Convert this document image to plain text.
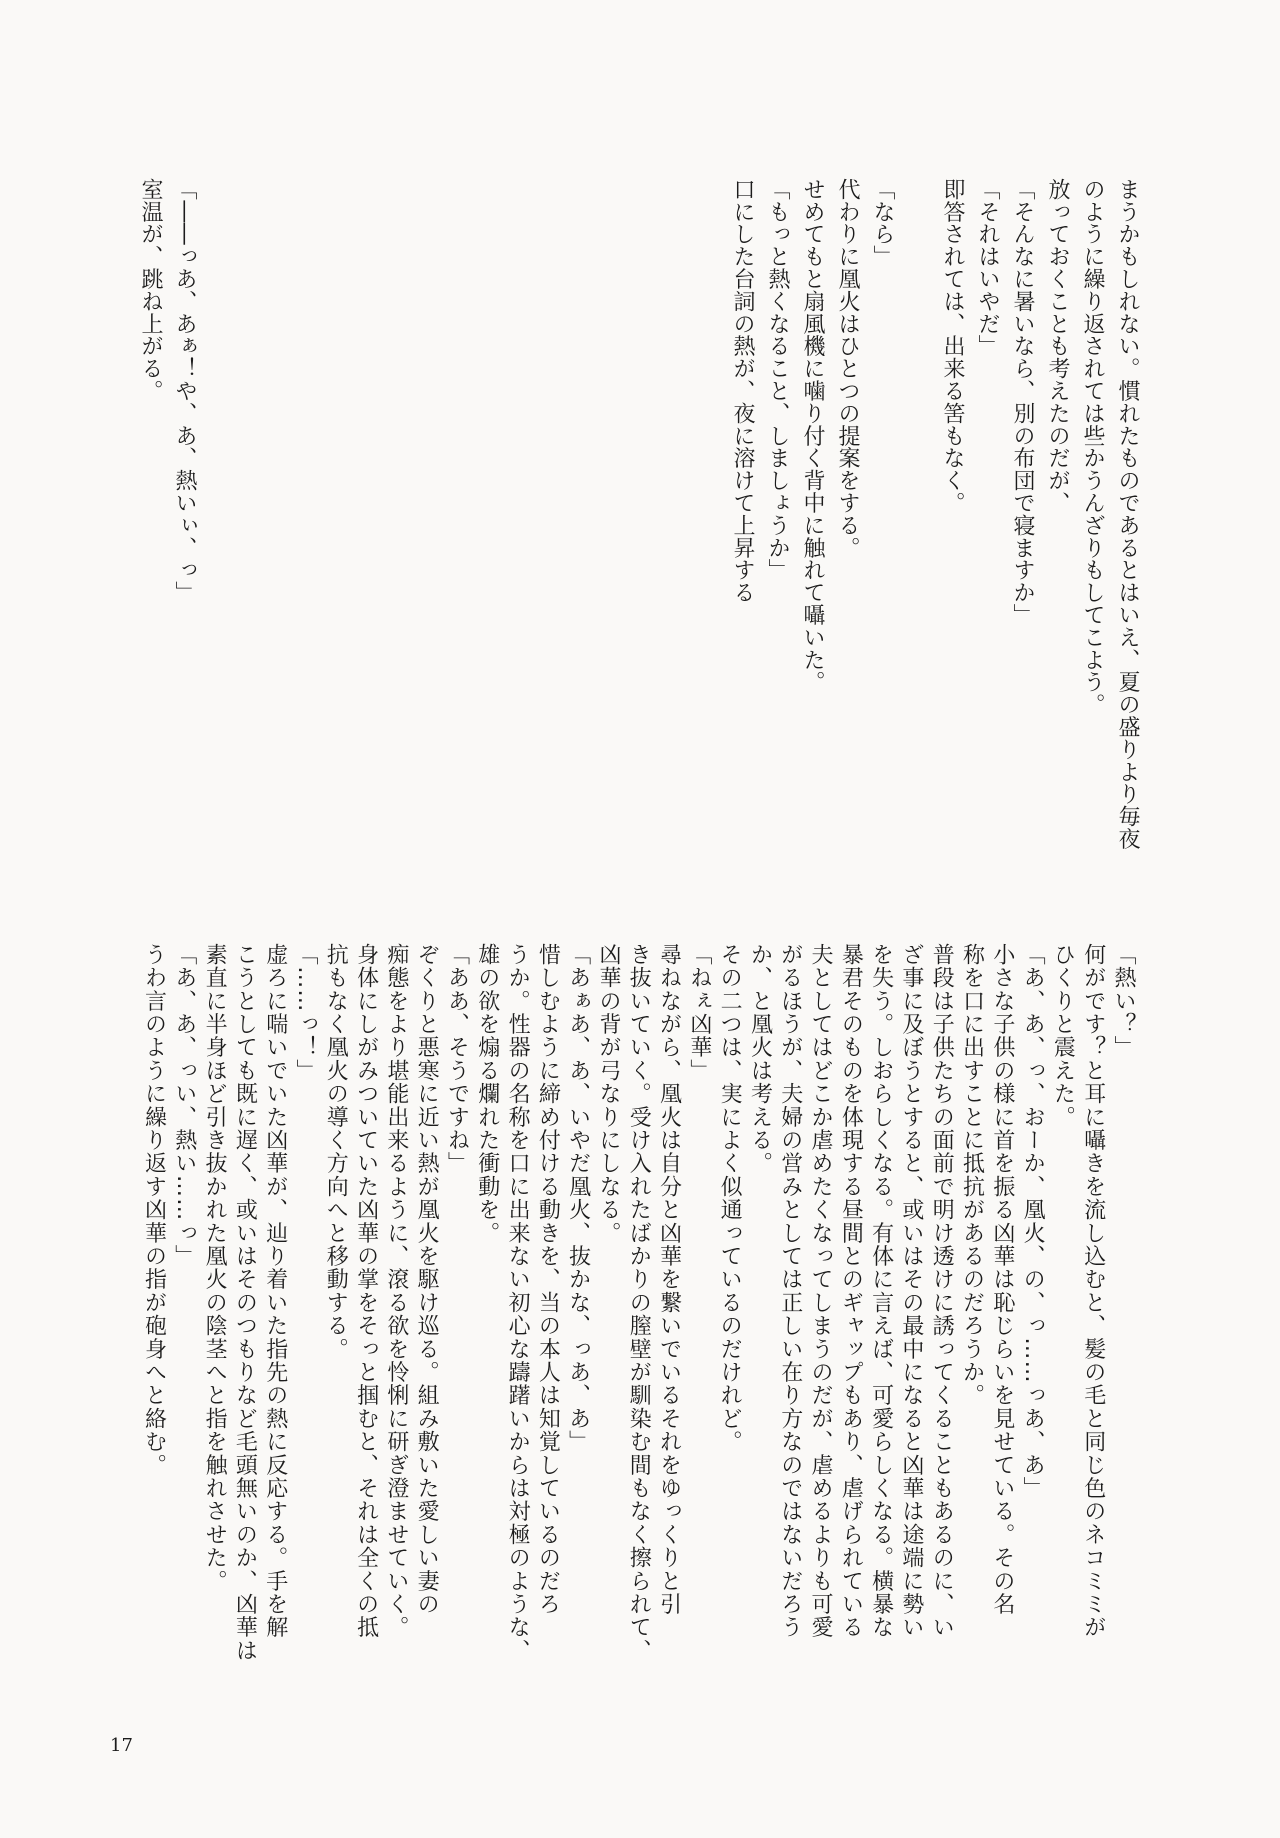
まうかもしれない。慣れたものであるとはいえ、夏の盛りより毎夜

のように繰り返されては些かうんざりもしてこよう。

放っておくことも考えたのだが、

「そんなに暑いなら、別の布団で寝ますか」

「それはいやだ」

即答されては、出来る筈もなく。

「なら」

代わりに凰火はひとつの提案をする。

せめてもと扇風機に噛り付く背中に触れて囁いた。

「もっと熱くなること、しましょうか」

口にした台詞の熱が、夜に溶けて上昇する

「――っあ、あぁ！や、あ、熱いぃ、っ」

室温が、跳ね上がる。

「熱い？」

何がです？と耳に囁きを流し込むと、髪の毛と同じ色のネコミミが

ひくりと震えた。

「あ、あ、っ、おーか、凰火、の、っ……っあ、あ」

小さな子供の様に首を振る凶華は恥じらいを見せている。その名

称を口に出すことに抵抗があるのだろうか。

普段は子供たちの面前で明け透けに誘ってくることもあるのに、い

ざ事に及ぼうとすると、或いはその最中になると凶華は途端に勢い

を失う。しおらしくなる。有体に言えば、可愛らしくなる。横暴な

暴君そのものを体現する昼間とのギャップもあり、虐げられている

夫としてはどこか虐めたくなってしまうのだが、虐めるよりも可愛

がるほうが、夫婦の営みとしては正しい在り方なのではないだろう

か、と凰火は考える。

その二つは、実によく似通っているのだけれど。

「ねぇ凶華」

尋ねながら、凰火は自分と凶華を繋いでいるそれをゆっくりと引

き抜いていく。受け入れたばかりの膣壁が馴染む間もなく擦られて、

凶華の背が弓なりにしなる。

「あぁあ、あ、いやだ凰火、抜かな、っあ、あ」

惜しむように締め付ける動きを、当の本人は知覚しているのだろ

うか。性器の名称を口に出来ない初心な躊躇いからは対極のような、

雄の欲を煽る爛れた衝動を。

「ああ、そうですね」

ぞくりと悪寒に近い熱が凰火を駆け巡る。組み敷いた愛しい妻の

痴態をより堪能出来るように、滾る欲を怜悧に研ぎ澄ませていく。

身体にしがみついていた凶華の掌をそっと掴むと、それは全くの抵

抗もなく凰火の導く方向へと移動する。

「……っ！」

虚ろに喘いでいた凶華が、辿り着いた指先の熱に反応する。手を解

こうとしても既に遅く、或いはそのつもりなど毛頭無いのか、凶華は

素直に半身ほど引き抜かれた凰火の陰茎へと指を触れさせた。

「あ、あ、っい、熱い……っ」

うわ言のように繰り返す凶華の指が砲身へと絡む。

17
